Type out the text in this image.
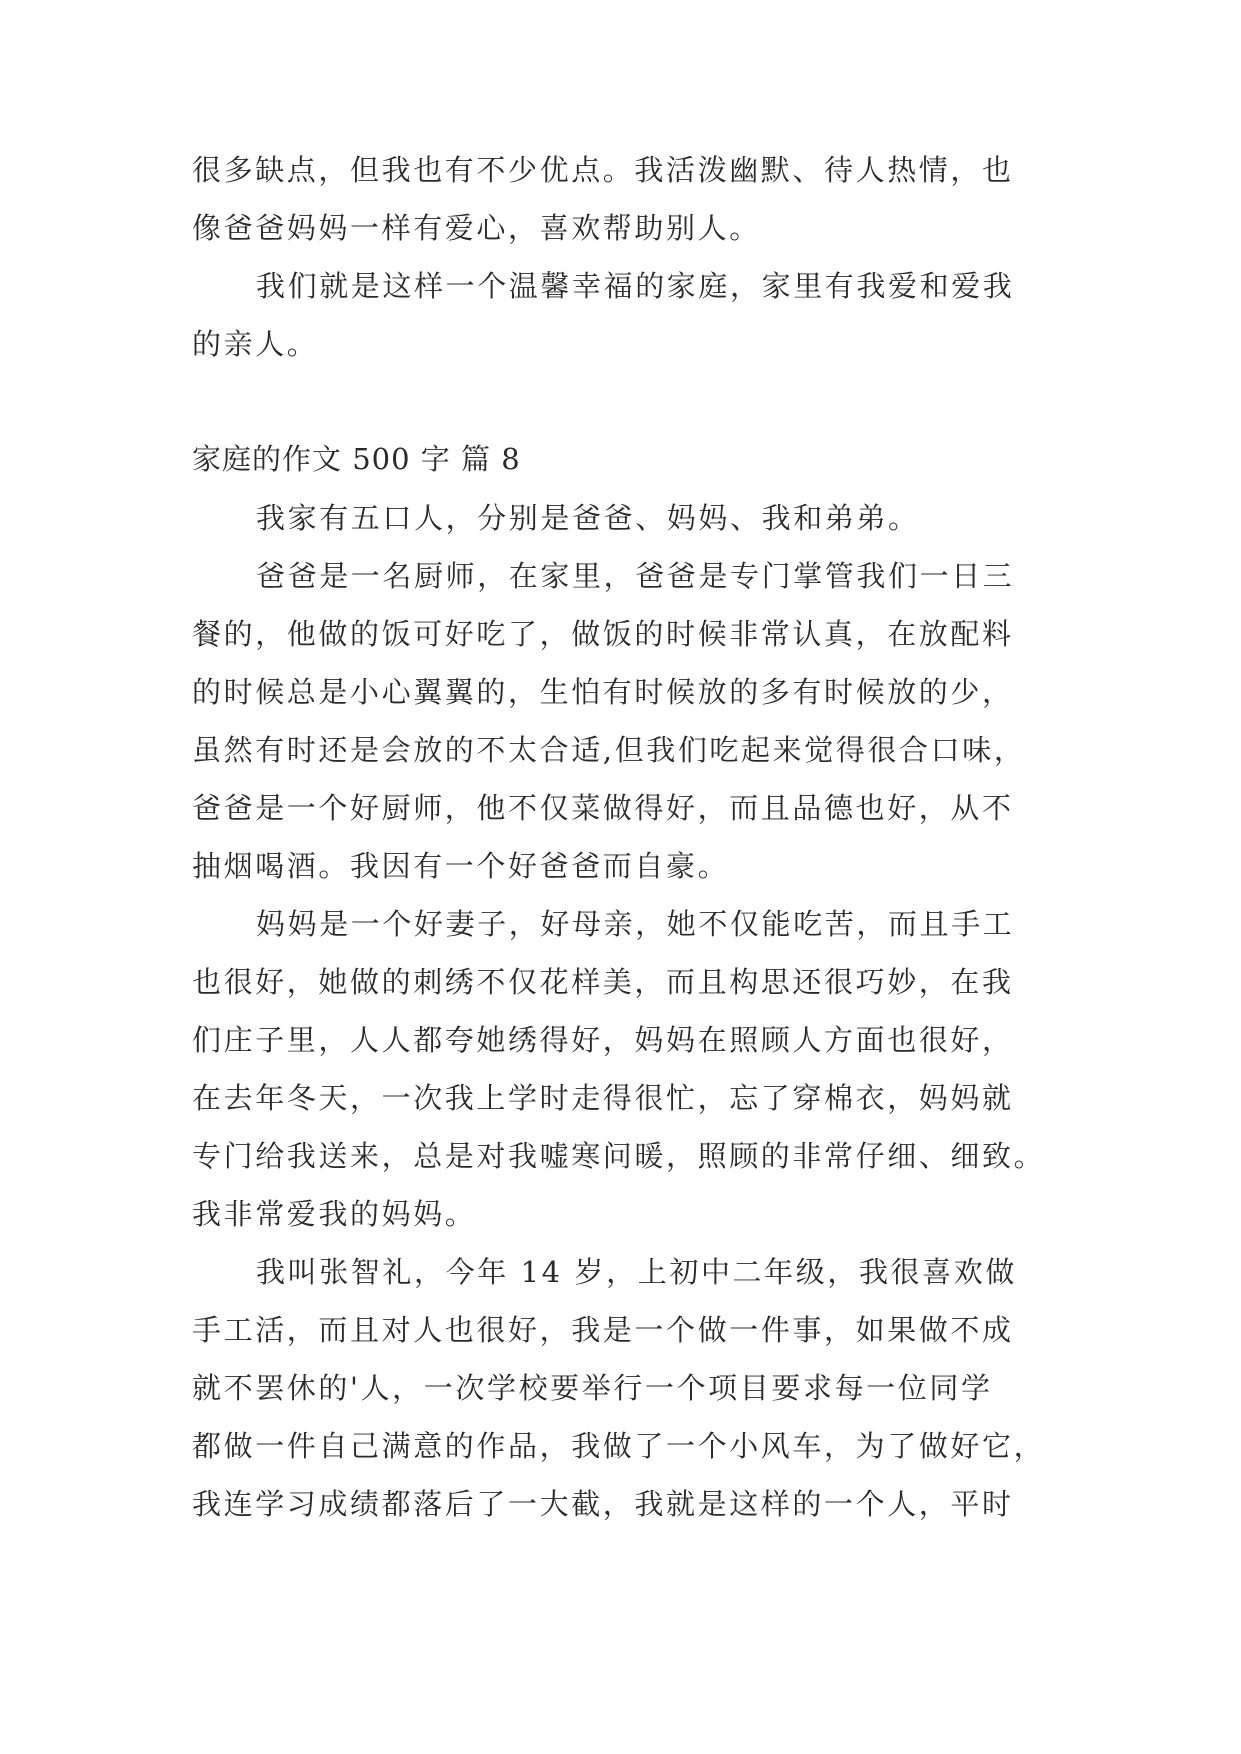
很多缺点，但我也有不少优点。我活泼幽默、待人热情，也
像爸爸妈妈一样有爱心，喜欢帮助别人。
我们就是这样一个温馨幸福的家庭，家里有我爱和爱我
的亲人。
家庭的作文 500 字 篇 8
我家有五口人，分别是爸爸、妈妈、我和弟弟。
爸爸是一名厨师，在家里，爸爸是专门掌管我们一日三
餐的，他做的饭可好吃了，做饭的时候非常认真，在放配料
的时候总是小心翼翼的，生怕有时候放的多有时候放的少，
虽然有时还是会放的不太合适,但我们吃起来觉得很合口味，
爸爸是一个好厨师，他不仅菜做得好，而且品德也好，从不
抽烟喝酒。我因有一个好爸爸而自豪。
妈妈是一个好妻子，好母亲，她不仅能吃苦，而且手工
也很好，她做的刺绣不仅花样美，而且构思还很巧妙，在我
们庄子里，人人都夸她绣得好，妈妈在照顾人方面也很好，
在去年冬天，一次我上学时走得很忙，忘了穿棉衣，妈妈就
专门给我送来，总是对我嘘寒问暖，照顾的非常仔细、细致。
我非常爱我的妈妈。
我叫张智礼，今年 14 岁，上初中二年级，我很喜欢做
手工活，而且对人也很好，我是一个做一件事，如果做不成
就不罢休的'人，一次学校要举行一个项目要求每一位同学
都做一件自己满意的作品，我做了一个小风车，为了做好它，
我连学习成绩都落后了一大截，我就是这样的一个人，平时
